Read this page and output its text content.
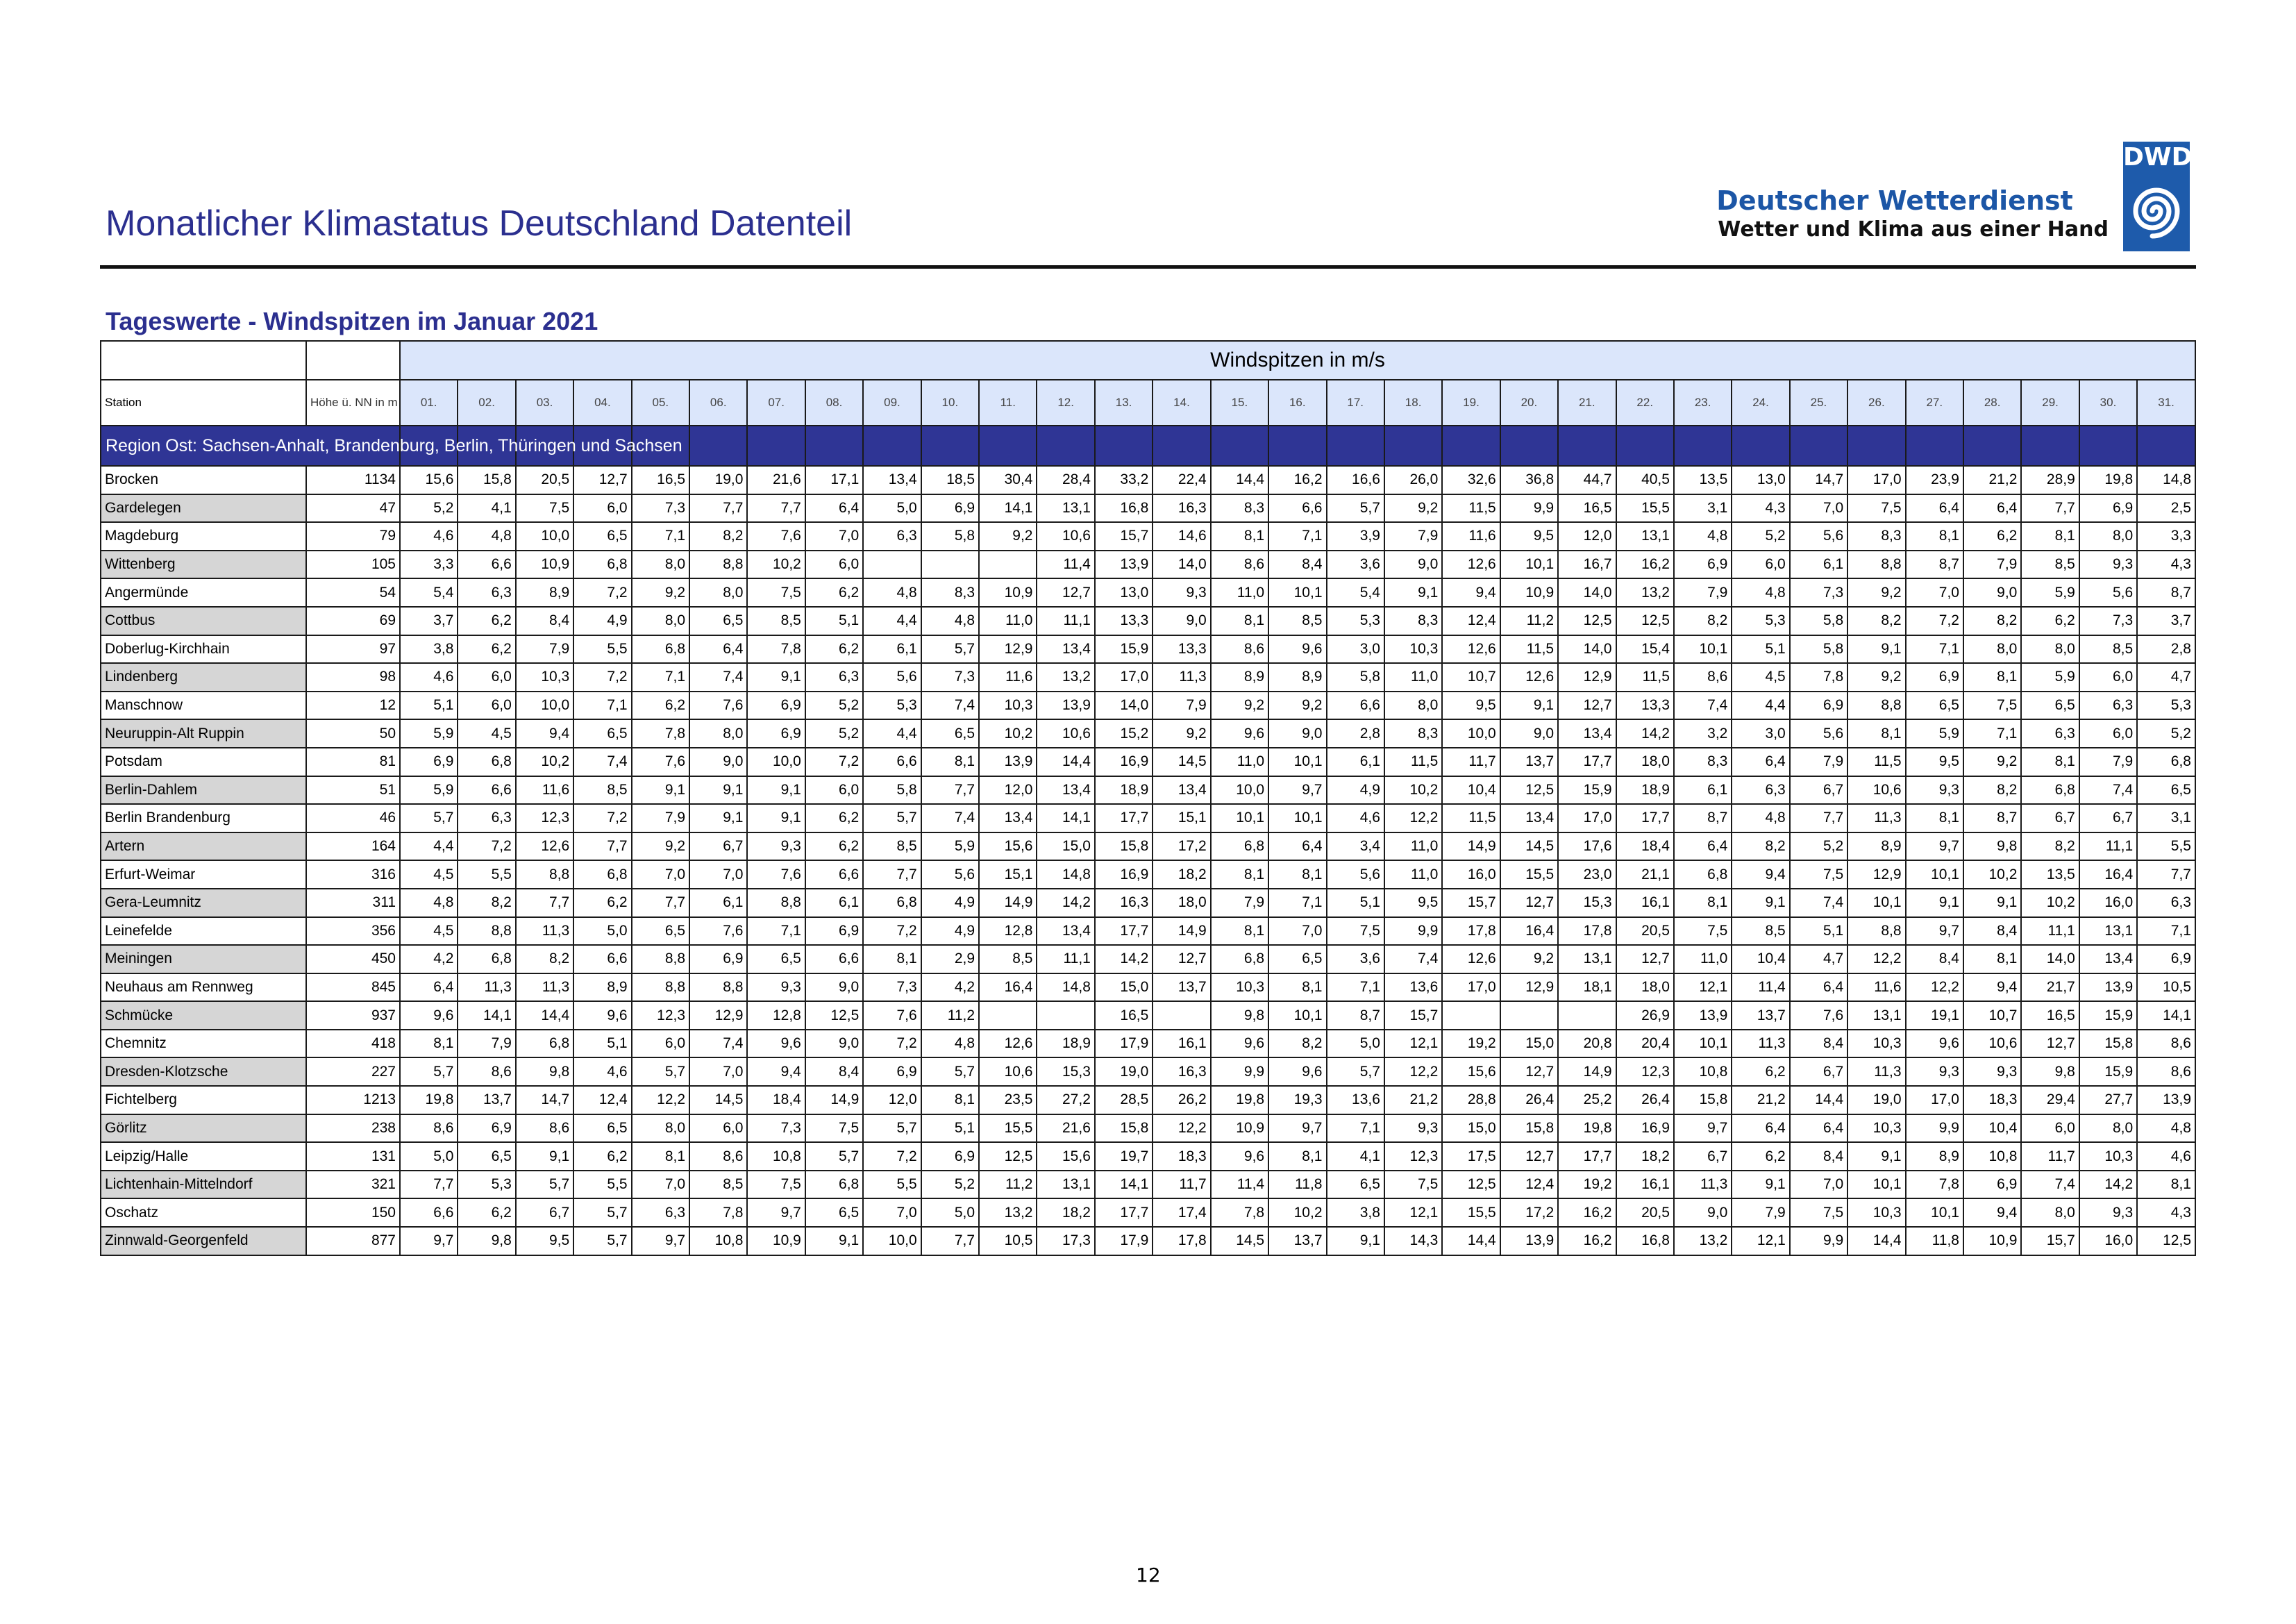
Monatlicher Klimastatus Deutschland Datenteil
Deutscher Wetterdienst
Wetter und Klima aus einer Hand
DWD
Tageswerte - Windspitzen im Januar 2021
		Windspitzen in m/s																														
Station	Höhe ü. NN in m	01.	02.	03.	04.	05.	06.	07.	08.	09.	10.	11.	12.	13.	14.	15.	16.	17.	18.	19.	20.	21.	22.	23.	24.	25.	26.	27.	28.	29.	30.	31.
Region Ost: Sachsen-Anhalt, Brandenburg, Berlin, Thüringen und Sachsen																																
Brocken	1134	15,6	15,8	20,5	12,7	16,5	19,0	21,6	17,1	13,4	18,5	30,4	28,4	33,2	22,4	14,4	16,2	16,6	26,0	32,6	36,8	44,7	40,5	13,5	13,0	14,7	17,0	23,9	21,2	28,9	19,8	14,8
Gardelegen	47	5,2	4,1	7,5	6,0	7,3	7,7	7,7	6,4	5,0	6,9	14,1	13,1	16,8	16,3	8,3	6,6	5,7	9,2	11,5	9,9	16,5	15,5	3,1	4,3	7,0	7,5	6,4	6,4	7,7	6,9	2,5
Magdeburg	79	4,6	4,8	10,0	6,5	7,1	8,2	7,6	7,0	6,3	5,8	9,2	10,6	15,7	14,6	8,1	7,1	3,9	7,9	11,6	9,5	12,0	13,1	4,8	5,2	5,6	8,3	8,1	6,2	8,1	8,0	3,3
Wittenberg	105	3,3	6,6	10,9	6,8	8,0	8,8	10,2	6,0				11,4	13,9	14,0	8,6	8,4	3,6	9,0	12,6	10,1	16,7	16,2	6,9	6,0	6,1	8,8	8,7	7,9	8,5	9,3	4,3
Angermünde	54	5,4	6,3	8,9	7,2	9,2	8,0	7,5	6,2	4,8	8,3	10,9	12,7	13,0	9,3	11,0	10,1	5,4	9,1	9,4	10,9	14,0	13,2	7,9	4,8	7,3	9,2	7,0	9,0	5,9	5,6	8,7
Cottbus	69	3,7	6,2	8,4	4,9	8,0	6,5	8,5	5,1	4,4	4,8	11,0	11,1	13,3	9,0	8,1	8,5	5,3	8,3	12,4	11,2	12,5	12,5	8,2	5,3	5,8	8,2	7,2	8,2	6,2	7,3	3,7
Doberlug-Kirchhain	97	3,8	6,2	7,9	5,5	6,8	6,4	7,8	6,2	6,1	5,7	12,9	13,4	15,9	13,3	8,6	9,6	3,0	10,3	12,6	11,5	14,0	15,4	10,1	5,1	5,8	9,1	7,1	8,0	8,0	8,5	2,8
Lindenberg	98	4,6	6,0	10,3	7,2	7,1	7,4	9,1	6,3	5,6	7,3	11,6	13,2	17,0	11,3	8,9	8,9	5,8	11,0	10,7	12,6	12,9	11,5	8,6	4,5	7,8	9,2	6,9	8,1	5,9	6,0	4,7
Manschnow	12	5,1	6,0	10,0	7,1	6,2	7,6	6,9	5,2	5,3	7,4	10,3	13,9	14,0	7,9	9,2	9,2	6,6	8,0	9,5	9,1	12,7	13,3	7,4	4,4	6,9	8,8	6,5	7,5	6,5	6,3	5,3
Neuruppin-Alt Ruppin	50	5,9	4,5	9,4	6,5	7,8	8,0	6,9	5,2	4,4	6,5	10,2	10,6	15,2	9,2	9,6	9,0	2,8	8,3	10,0	9,0	13,4	14,2	3,2	3,0	5,6	8,1	5,9	7,1	6,3	6,0	5,2
Potsdam	81	6,9	6,8	10,2	7,4	7,6	9,0	10,0	7,2	6,6	8,1	13,9	14,4	16,9	14,5	11,0	10,1	6,1	11,5	11,7	13,7	17,7	18,0	8,3	6,4	7,9	11,5	9,5	9,2	8,1	7,9	6,8
Berlin-Dahlem	51	5,9	6,6	11,6	8,5	9,1	9,1	9,1	6,0	5,8	7,7	12,0	13,4	18,9	13,4	10,0	9,7	4,9	10,2	10,4	12,5	15,9	18,9	6,1	6,3	6,7	10,6	9,3	8,2	6,8	7,4	6,5
Berlin Brandenburg	46	5,7	6,3	12,3	7,2	7,9	9,1	9,1	6,2	5,7	7,4	13,4	14,1	17,7	15,1	10,1	10,1	4,6	12,2	11,5	13,4	17,0	17,7	8,7	4,8	7,7	11,3	8,1	8,7	6,7	6,7	3,1
Artern	164	4,4	7,2	12,6	7,7	9,2	6,7	9,3	6,2	8,5	5,9	15,6	15,0	15,8	17,2	6,8	6,4	3,4	11,0	14,9	14,5	17,6	18,4	6,4	8,2	5,2	8,9	9,7	9,8	8,2	11,1	5,5
Erfurt-Weimar	316	4,5	5,5	8,8	6,8	7,0	7,0	7,6	6,6	7,7	5,6	15,1	14,8	16,9	18,2	8,1	8,1	5,6	11,0	16,0	15,5	23,0	21,1	6,8	9,4	7,5	12,9	10,1	10,2	13,5	16,4	7,7
Gera-Leumnitz	311	4,8	8,2	7,7	6,2	7,7	6,1	8,8	6,1	6,8	4,9	14,9	14,2	16,3	18,0	7,9	7,1	5,1	9,5	15,7	12,7	15,3	16,1	8,1	9,1	7,4	10,1	9,1	9,1	10,2	16,0	6,3
Leinefelde	356	4,5	8,8	11,3	5,0	6,5	7,6	7,1	6,9	7,2	4,9	12,8	13,4	17,7	14,9	8,1	7,0	7,5	9,9	17,8	16,4	17,8	20,5	7,5	8,5	5,1	8,8	9,7	8,4	11,1	13,1	7,1
Meiningen	450	4,2	6,8	8,2	6,6	8,8	6,9	6,5	6,6	8,1	2,9	8,5	11,1	14,2	12,7	6,8	6,5	3,6	7,4	12,6	9,2	13,1	12,7	11,0	10,4	4,7	12,2	8,4	8,1	14,0	13,4	6,9
Neuhaus am Rennweg	845	6,4	11,3	11,3	8,9	8,8	8,8	9,3	9,0	7,3	4,2	16,4	14,8	15,0	13,7	10,3	8,1	7,1	13,6	17,0	12,9	18,1	18,0	12,1	11,4	6,4	11,6	12,2	9,4	21,7	13,9	10,5
Schmücke	937	9,6	14,1	14,4	9,6	12,3	12,9	12,8	12,5	7,6	11,2			16,5		9,8	10,1	8,7	15,7				26,9	13,9	13,7	7,6	13,1	19,1	10,7	16,5	15,9	14,1
Chemnitz	418	8,1	7,9	6,8	5,1	6,0	7,4	9,6	9,0	7,2	4,8	12,6	18,9	17,9	16,1	9,6	8,2	5,0	12,1	19,2	15,0	20,8	20,4	10,1	11,3	8,4	10,3	9,6	10,6	12,7	15,8	8,6
Dresden-Klotzsche	227	5,7	8,6	9,8	4,6	5,7	7,0	9,4	8,4	6,9	5,7	10,6	15,3	19,0	16,3	9,9	9,6	5,7	12,2	15,6	12,7	14,9	12,3	10,8	6,2	6,7	11,3	9,3	9,3	9,8	15,9	8,6
Fichtelberg	1213	19,8	13,7	14,7	12,4	12,2	14,5	18,4	14,9	12,0	8,1	23,5	27,2	28,5	26,2	19,8	19,3	13,6	21,2	28,8	26,4	25,2	26,4	15,8	21,2	14,4	19,0	17,0	18,3	29,4	27,7	13,9
Görlitz	238	8,6	6,9	8,6	6,5	8,0	6,0	7,3	7,5	5,7	5,1	15,5	21,6	15,8	12,2	10,9	9,7	7,1	9,3	15,0	15,8	19,8	16,9	9,7	6,4	6,4	10,3	9,9	10,4	6,0	8,0	4,8
Leipzig/Halle	131	5,0	6,5	9,1	6,2	8,1	8,6	10,8	5,7	7,2	6,9	12,5	15,6	19,7	18,3	9,6	8,1	4,1	12,3	17,5	12,7	17,7	18,2	6,7	6,2	8,4	9,1	8,9	10,8	11,7	10,3	4,6
Lichtenhain-Mittelndorf	321	7,7	5,3	5,7	5,5	7,0	8,5	7,5	6,8	5,5	5,2	11,2	13,1	14,1	11,7	11,4	11,8	6,5	7,5	12,5	12,4	19,2	16,1	11,3	9,1	7,0	10,1	7,8	6,9	7,4	14,2	8,1
Oschatz	150	6,6	6,2	6,7	5,7	6,3	7,8	9,7	6,5	7,0	5,0	13,2	18,2	17,7	17,4	7,8	10,2	3,8	12,1	15,5	17,2	16,2	20,5	9,0	7,9	7,5	10,3	10,1	9,4	8,0	9,3	4,3
Zinnwald-Georgenfeld	877	9,7	9,8	9,5	5,7	9,7	10,8	10,9	9,1	10,0	7,7	10,5	17,3	17,9	17,8	14,5	13,7	9,1	14,3	14,4	13,9	16,2	16,8	13,2	12,1	9,9	14,4	11,8	10,9	15,7	16,0	12,5
12
